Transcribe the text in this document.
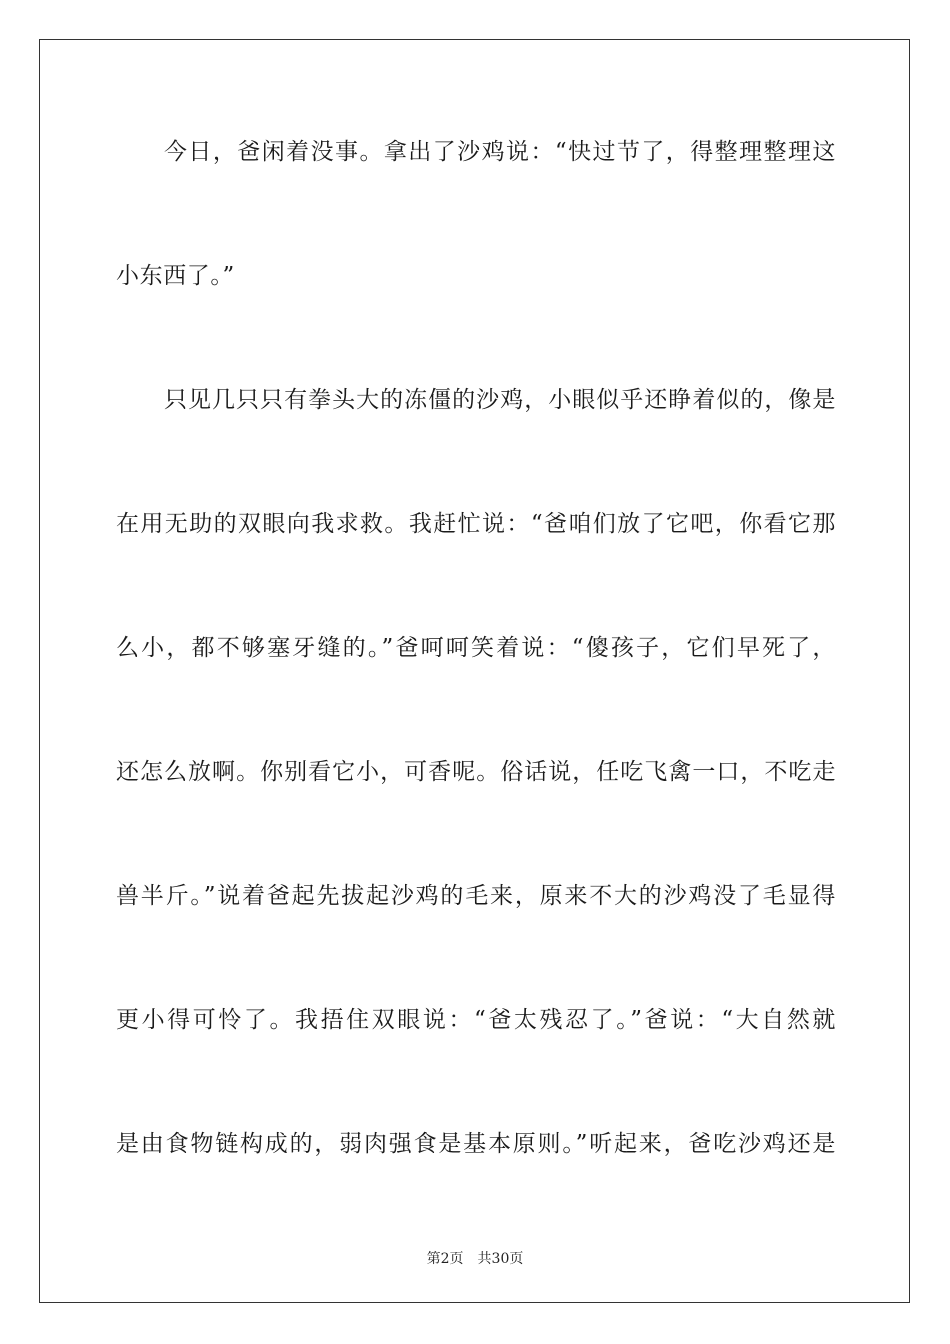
今日，爸闲着没事。拿出了沙鸡说：“快过节了，得整理整理这
小东西了。”
只见几只只有拳头大的冻僵的沙鸡，小眼似乎还睁着似的，像是
在用无助的双眼向我求救。我赶忙说：“爸咱们放了它吧，你看它那
么小，都不够塞牙缝的。”爸呵呵笑着说：“傻孩子，它们早死了，
还怎么放啊。你别看它小，可香呢。俗话说，任吃飞禽一口，不吃走
兽半斤。”说着爸起先拔起沙鸡的毛来，原来不大的沙鸡没了毛显得
更小得可怜了。我捂住双眼说：“爸太残忍了。”爸说：“大自然就
是由食物链构成的，弱肉强食是基本原则。”听起来，爸吃沙鸡还是
第2页 共30页
